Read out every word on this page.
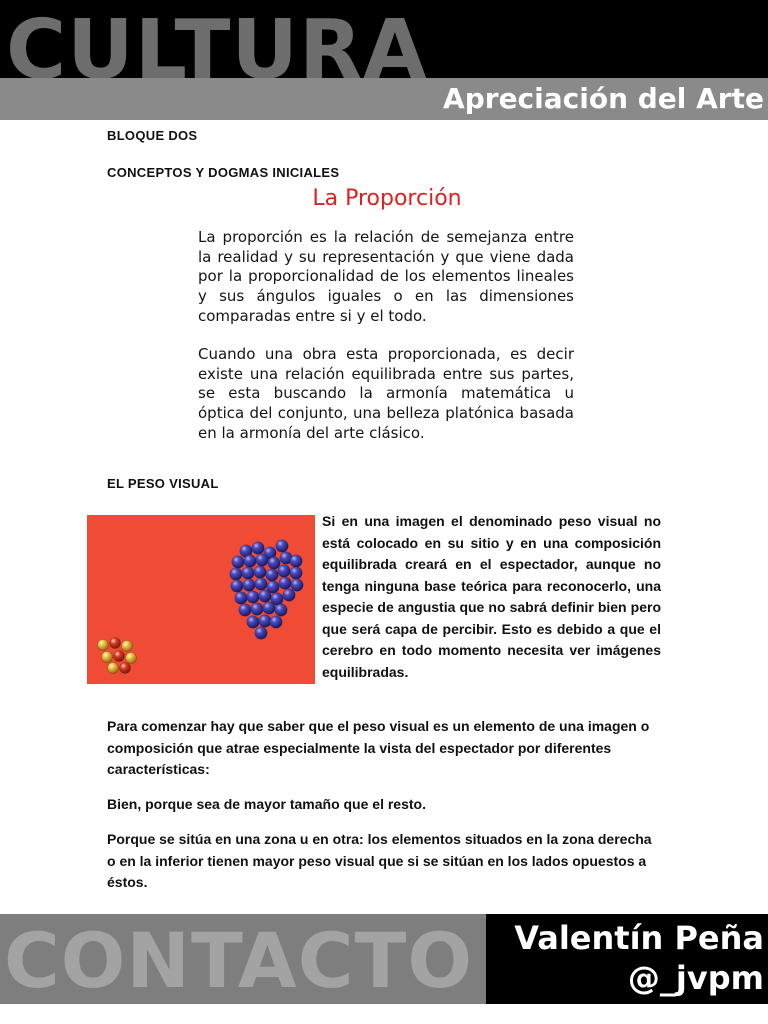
CULTURA
Apreciación del Arte
BLOQUE DOS
CONCEPTOS Y DOGMAS INICIALES
La Proporción

La proporción es la relación de semejanza entre la realidad y su representación y que viene dada por la proporcionalidad de los elementos lineales y sus ángulos iguales o en las dimensiones comparadas entre si y el todo.

Cuando una obra esta proporcionada, es decir existe una relación equilibrada entre sus partes, se esta buscando la armonía matemática u óptica del conjunto, una belleza platónica basada en la armonía del arte clásico.

EL PESO VISUAL

Si en una imagen el denominado peso visual no está colocado en su sitio y en una composición equilibrada creará en el espectador, aunque no tenga ninguna base teórica para reconocerlo, una especie de angustia que no sabrá definir bien pero que será capa de percibir. Esto es debido a que el cerebro en todo momento necesita ver imágenes equilibradas.

Para comenzar hay que saber que el peso visual es un elemento de una imagen o composición que atrae especialmente la vista del espectador por diferentes características:

Bien, porque sea de mayor tamaño que el resto.

Porque se sitúa en una zona u en otra: los elementos situados en la zona derecha o en la inferior tienen mayor peso visual que si se sitúan en los lados opuestos a éstos.

CONTACTO Valentín Peña
@_jvpm
